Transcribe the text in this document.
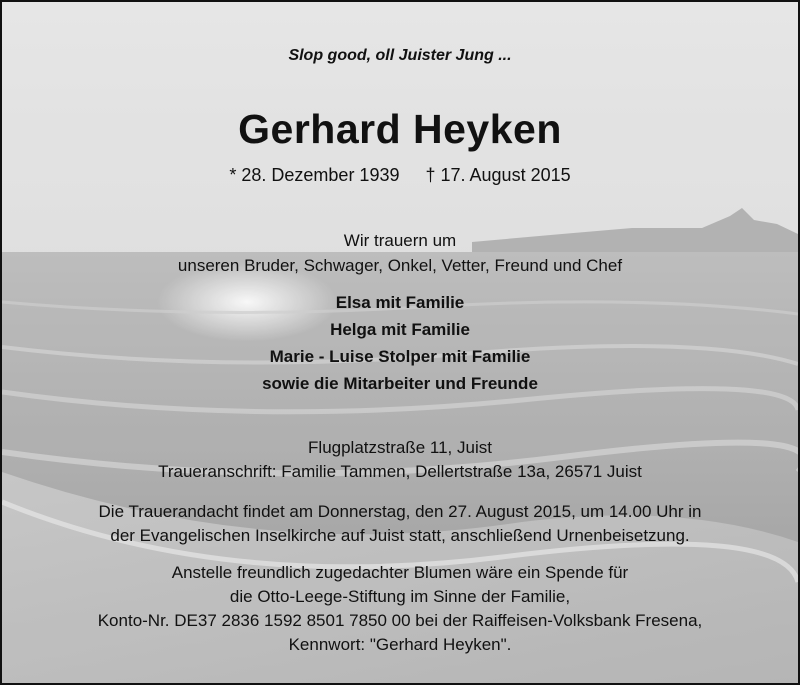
Slop good, oll Juister Jung ...
Gerhard Heyken
* 28. Dezember 1939 † 17. August 2015
Wir trauern um
unseren Bruder, Schwager, Onkel, Vetter, Freund und Chef
Elsa mit Familie
Helga mit Familie
Marie - Luise Stolper mit Familie
sowie die Mitarbeiter und Freunde
Flugplatzstraße 11, Juist
Traueranschrift: Familie Tammen, Dellertstraße 13a, 26571 Juist
Die Trauerandacht findet am Donnerstag, den 27. August 2015, um 14.00 Uhr in
der Evangelischen Inselkirche auf Juist statt, anschließend Urnenbeisetzung.
Anstelle freundlich zugedachter Blumen wäre ein Spende für
die Otto-Leege-Stiftung im Sinne der Familie,
Konto-Nr. DE37 2836 1592 8501 7850 00 bei der Raiffeisen-Volksbank Fresena,
Kennwort: "Gerhard Heyken".
